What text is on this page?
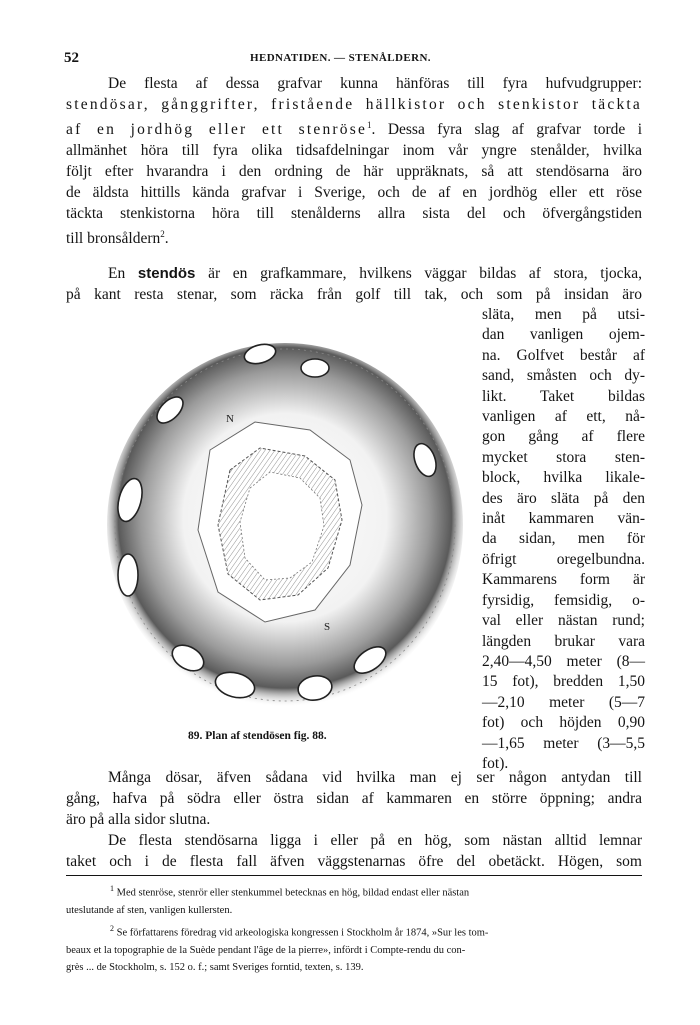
52	HEDNATIDEN. — STENÅLDERN.
De flesta af dessa grafvar kunna hänföras till fyra hufvudgrupper:
stendösar, gånggrifter, fristående hällkistor och stenkistor täckta
af en jordhög eller ett stenröse$^1$. Dessa fyra slag af grafvar torde i
allmänhet höra till fyra olika tidsafdelningar inom vår yngre stenålder, hvilka
följt efter hvarandra i den ordning de här uppräknats, så att stendösarna äro
de äldsta hittills kända grafvar i Sverige, och de af en jordhög eller ett röse
täckta stenkistorna höra till stenålderns allra sista del och öfvergångstiden
till bronsåldern$^2$.
En stendös är en grafkammare, hvilkens väggar bildas af stora, tjocka,
på kant resta stenar, som räcka från golf till tak, och som på insidan äro
släta, men på utsi-
dan vanligen ojem-
na. Golfvet består af
sand, småsten och dy-
likt. Taket bildas
vanligen af ett, nå-
gon gång af flere
mycket stora sten-
block, hvilka likale-
des äro släta på den
inåt kammaren vän-
da sidan, men för
öfrigt oregelbundna.
Kammarens form är
fyrsidig, femsidig, o-
val eller nästan rund;
längden brukar vara
2,40—4,50 meter (8—
15 fot), bredden 1,50
—2,10 meter (5—7
fot) och höjden 0,90
—1,65 meter (3—5,5
fot).
N
S
89. Plan af stendösen fig. 88.
Många dösar, äfven sådana vid hvilka man ej ser någon antydan till
gång, hafva på södra eller östra sidan af kammaren en större öppning; andra
äro på alla sidor slutna.
De flesta stendösarna ligga i eller på en hög, som nästan alltid lemnar
taket och i de flesta fall äfven väggstenarnas öfre del obetäckt. Högen, som

$^1$ Med stenröse, stenrör eller stenkummel betecknas en hög, bildad endast eller nästan

uteslutande af sten, vanligen kullersten.

$^2$ Se författarens föredrag vid arkeologiska kongressen i Stockholm år 1874, »Sur les tom-

beaux et la topographie de la Suède pendant l'âge de la pierre», infördt i Compte-rendu du con-

grès ... de Stockholm, s. 152 o. f.; samt Sveriges forntid, texten, s. 139.
